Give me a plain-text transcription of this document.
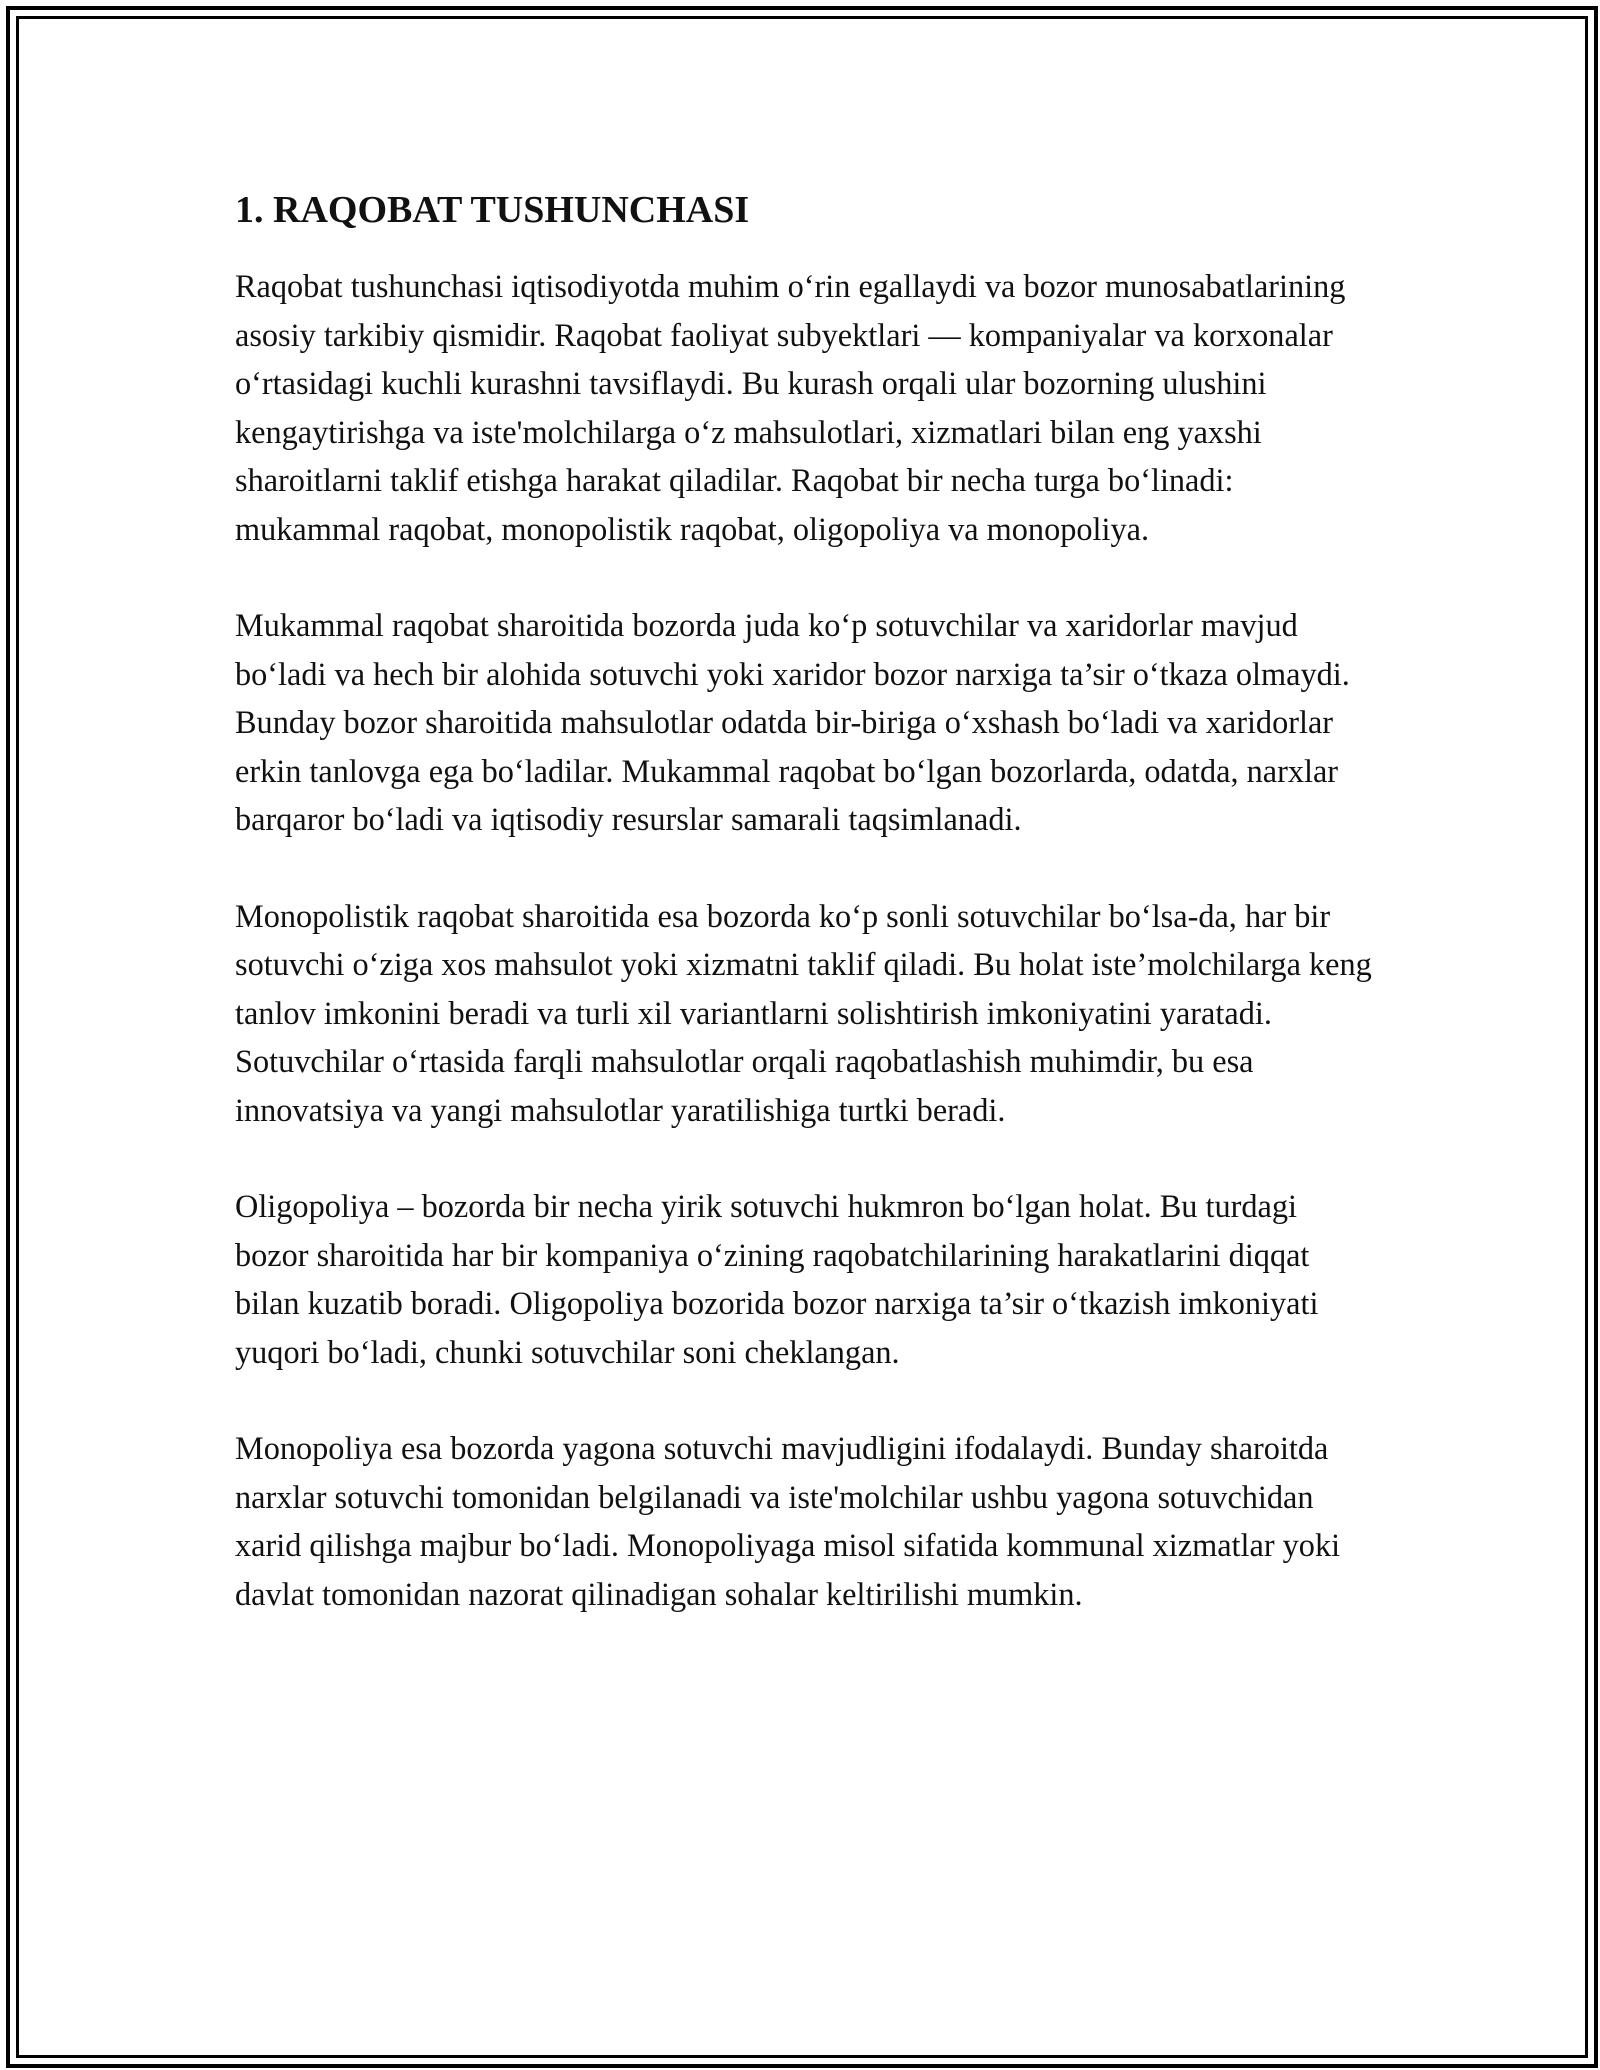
1. RAQOBAT TUSHUNCHASI

Raqobat tushunchasi iqtisodiyotda muhim o‘rin egallaydi va bozor munosabatlarining asosiy tarkibiy qismidir. Raqobat faoliyat subyektlari — kompaniyalar va korxonalar o‘rtasidagi kuchli kurashni tavsiflaydi. Bu kurash orqali ular bozorning ulushini kengaytirishga va iste'molchilarga o‘z mahsulotlari, xizmatlari bilan eng yaxshi sharoitlarni taklif etishga harakat qiladilar. Raqobat bir necha turga bo‘linadi: mukammal raqobat, monopolistik raqobat, oligopoliya va monopoliya.

Mukammal raqobat sharoitida bozorda juda ko‘p sotuvchilar va xaridorlar mavjud bo‘ladi va hech bir alohida sotuvchi yoki xaridor bozor narxiga ta’sir o‘tkaza olmaydi. Bunday bozor sharoitida mahsulotlar odatda bir-biriga o‘xshash bo‘ladi va xaridorlar erkin tanlovga ega bo‘ladilar. Mukammal raqobat bo‘lgan bozorlarda, odatda, narxlar barqaror bo‘ladi va iqtisodiy resurslar samarali taqsimlanadi.

Monopolistik raqobat sharoitida esa bozorda ko‘p sonli sotuvchilar bo‘lsa-da, har bir sotuvchi o‘ziga xos mahsulot yoki xizmatni taklif qiladi. Bu holat iste’molchilarga keng tanlov imkonini beradi va turli xil variantlarni solishtirish imkoniyatini yaratadi. Sotuvchilar o‘rtasida farqli mahsulotlar orqali raqobatlashish muhimdir, bu esa innovatsiya va yangi mahsulotlar yaratilishiga turtki beradi.

Oligopoliya – bozorda bir necha yirik sotuvchi hukmron bo‘lgan holat. Bu turdagi bozor sharoitida har bir kompaniya o‘zining raqobatchilarining harakatlarini diqqat bilan kuzatib boradi. Oligopoliya bozorida bozor narxiga ta’sir o‘tkazish imkoniyati yuqori bo‘ladi, chunki sotuvchilar soni cheklangan.

Monopoliya esa bozorda yagona sotuvchi mavjudligini ifodalaydi. Bunday sharoitda narxlar sotuvchi tomonidan belgilanadi va iste'molchilar ushbu yagona sotuvchidan xarid qilishga majbur bo‘ladi. Monopoliyaga misol sifatida kommunal xizmatlar yoki davlat tomonidan nazorat qilinadigan sohalar keltirilishi mumkin.
